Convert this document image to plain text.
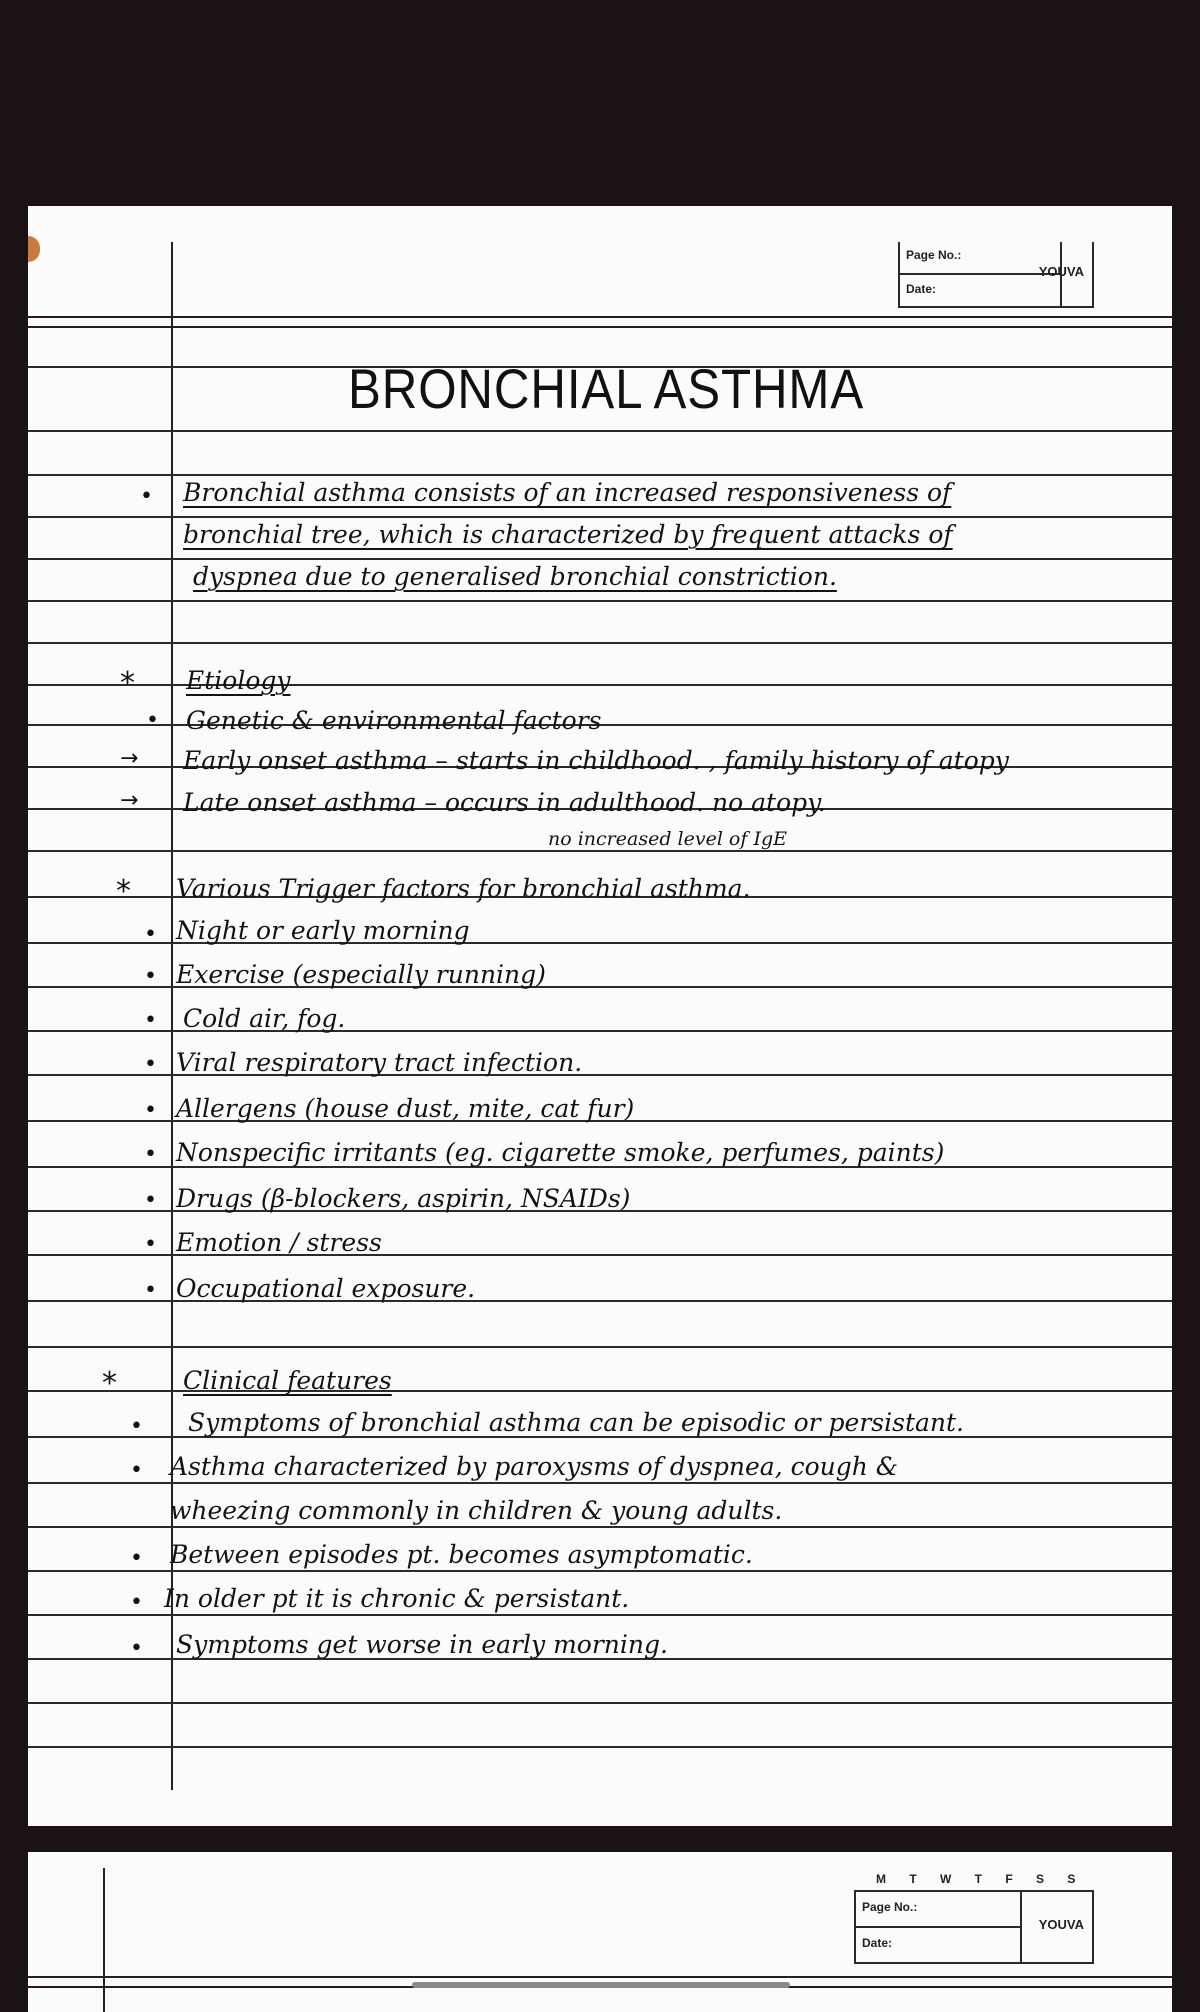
Page No.:
Date:
YOUVA
BRONCHIAL ASTHMA
• Bronchial asthma consists of an increased responsiveness of
bronchial tree, which is characterized by frequent attacks of
dyspnea due to generalised bronchial constriction.
* Etiology
• Genetic & environmental factors
→ Early onset asthma – starts in childhood. , family history of atopy
→ Late onset asthma – occurs in adulthood. no atopy.
no increased level of IgE
* Various Trigger factors for bronchial asthma.
• Night or early morning
• Exercise (especially running)
• Cold air, fog.
• Viral respiratory tract infection.
• Allergens (house dust, mite, cat fur)
• Nonspecific irritants (eg. cigarette smoke, perfumes, paints)
• Drugs (β-blockers, aspirin, NSAIDs)
• Emotion / stress
• Occupational exposure.
*	Clinical features
• Symptoms of bronchial asthma can be episodic or persistant.
• Asthma characterized by paroxysms of dyspnea, cough &
wheezing commonly in children & young adults.
• Between episodes pt. becomes asymptomatic.
• In older pt it is chronic & persistant.
• Symptoms get worse in early morning.
M T W T F S S
Page No.:
Date:
YOUVA
